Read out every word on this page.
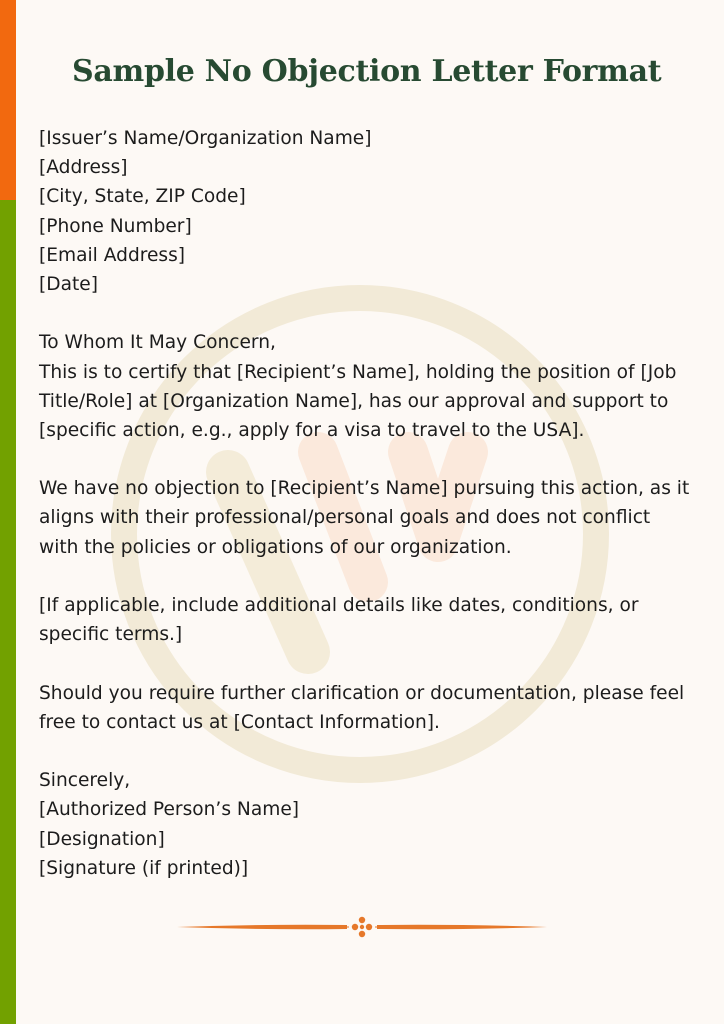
Sample No Objection Letter Format
[Issuer’s Name/Organization Name]
[Address]
[City, State, ZIP Code]
[Phone Number]
[Email Address]
[Date]
To Whom It May Concern,
This is to certify that [Recipient’s Name], holding the position of [Job
Title/Role] at [Organization Name], has our approval and support to
[specific action, e.g., apply for a visa to travel to the USA].
We have no objection to [Recipient’s Name] pursuing this action, as it
aligns with their professional/personal goals and does not conflict
with the policies or obligations of our organization.
[If applicable, include additional details like dates, conditions, or
specific terms.]
Should you require further clarification or documentation, please feel
free to contact us at [Contact Information].
Sincerely,
[Authorized Person’s Name]
[Designation]
[Signature (if printed)]
